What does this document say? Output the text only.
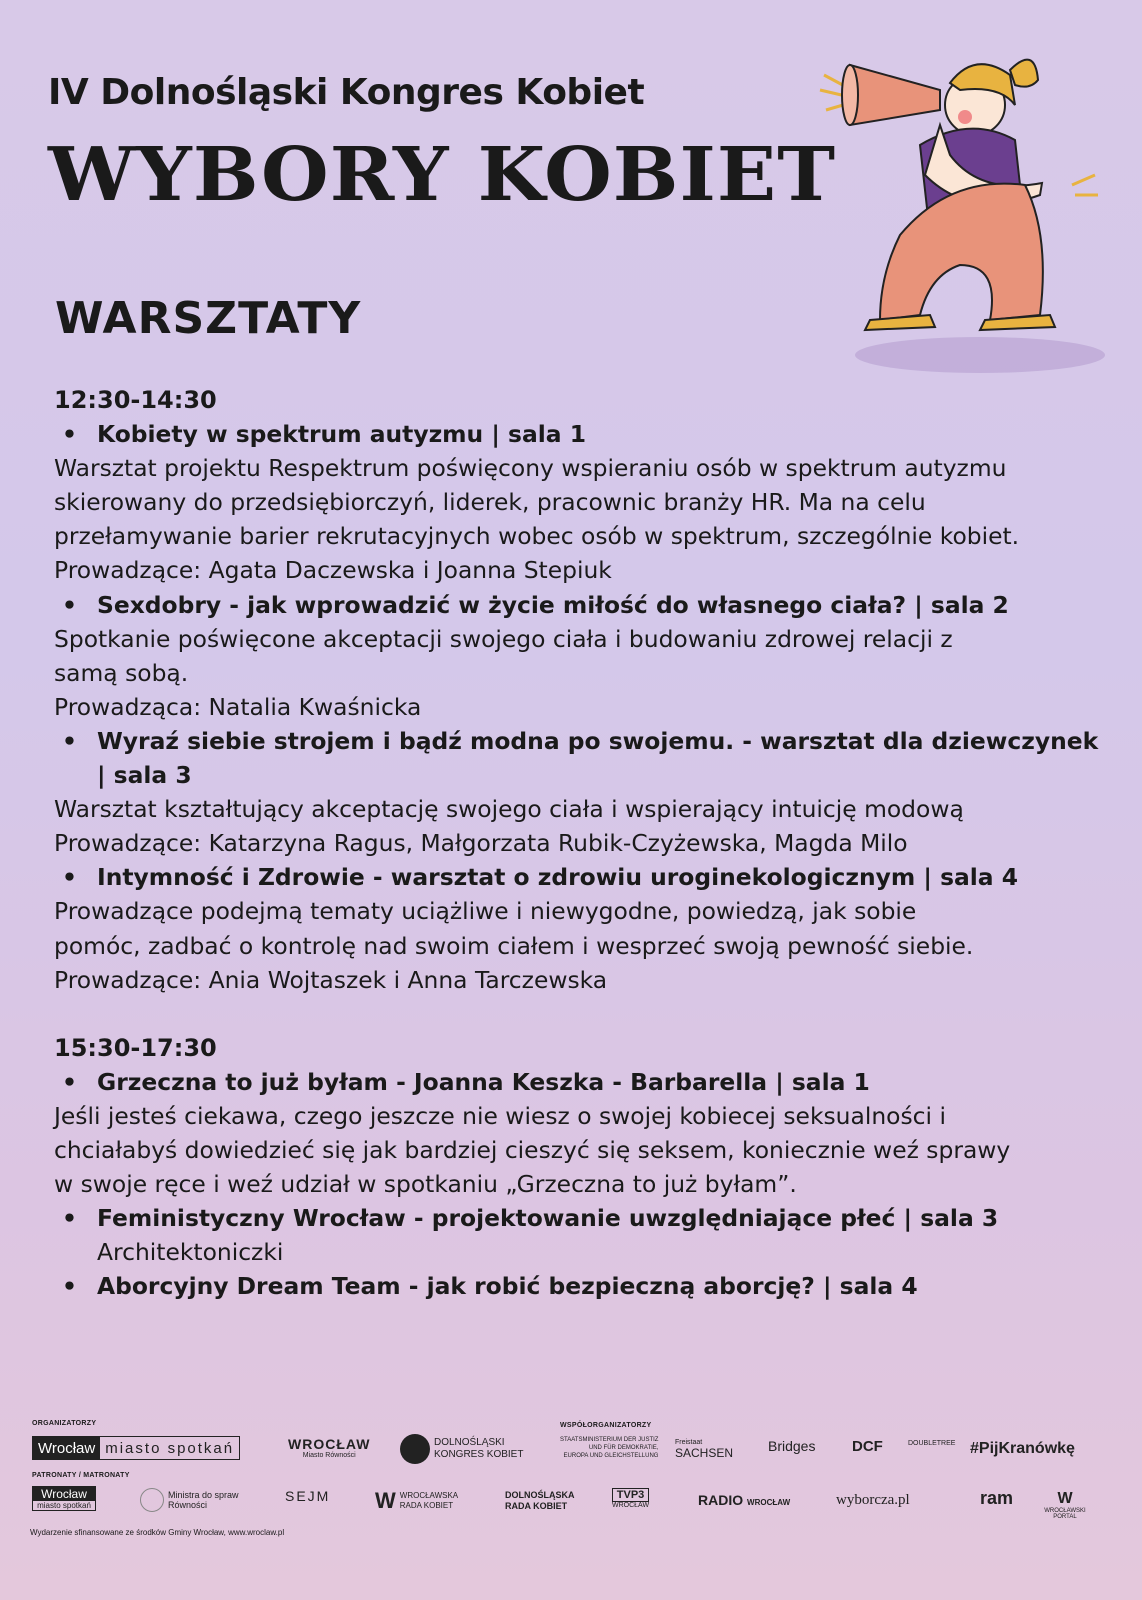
IV Dolnośląski Kongres Kobiet
WYBORY KOBIET
WARSZTATY
12:30-14:30
• Kobiety w spektrum autyzmu | sala 1
Warsztat projektu Respektrum poświęcony wspieraniu osób w spektrum autyzmu
skierowany do przedsiębiorczyń, liderek, pracownic branży HR. Ma na celu
przełamywanie barier rekrutacyjnych wobec osób w spektrum, szczególnie kobiet.
Prowadzące: Agata Daczewska i Joanna Stepiuk
• Sexdobry - jak wprowadzić w życie miłość do własnego ciała? | sala 2
Spotkanie poświęcone akceptacji swojego ciała i budowaniu zdrowej relacji z
samą sobą.
Prowadząca: Natalia Kwaśnicka
• Wyraź siebie strojem i bądź modna po swojemu. - warsztat dla dziewczynek | sala 3
Warsztat kształtujący akceptację swojego ciała i wspierający intuicję modową
Prowadzące: Katarzyna Ragus, Małgorzata Rubik-Czyżewska, Magda Milo
• Intymność i Zdrowie - warsztat o zdrowiu uroginekologicznym | sala 4
Prowadzące podejmą tematy uciążliwe i niewygodne, powiedzą, jak sobie
pomóc, zadbać o kontrolę nad swoim ciałem i wesprzeć swoją pewność siebie.
Prowadzące: Ania Wojtaszek i Anna Tarczewska
15:30-17:30
• Grzeczna to już byłam - Joanna Keszka - Barbarella | sala 1
Jeśli jesteś ciekawa, czego jeszcze nie wiesz o swojej kobiecej seksualności i
chciałabyś dowiedzieć się jak bardziej cieszyć się seksem, koniecznie weź sprawy
w swoje ręce i weź udział w spotkaniu „Grzeczna to już byłam”.
• Feministyczny Wrocław - projektowanie uwzględniające płeć | sala 3
Architektoniczki
• Aborcyjny Dream Team - jak robić bezpieczną aborcję? | sala 4
ORGANIZATORZY	WSPÓŁORGANIZATORZY
PATRONATY / MATRONATY
Wrocław miasto spotkań	WROCŁAW
Miasto Równości
DOLNOŚLĄSKI
KONGRES KOBIET
STAATSMINISTERIUM DER JUSTIZ
UND FÜR DEMOKRATIE,
EUROPA UND GLEICHSTELLUNG
Freistaat
SACHSEN Bridges DCF	DOUBLETREE #PijKranówkę
Wrocław
miasto spotkań
Ministra do spraw
Równości
SEJM W WROCŁAWSKA
RADA KOBIET
DOLNOŚLĄSKA
RADA KOBIET
TVP3
WROCŁAW	RADIO WROCŁAW	wyborcza.pl	ram	W
WROCŁAWSKI PORTAL
Wydarzenie sfinansowane ze środków Gminy Wrocław, www.wroclaw.pl
